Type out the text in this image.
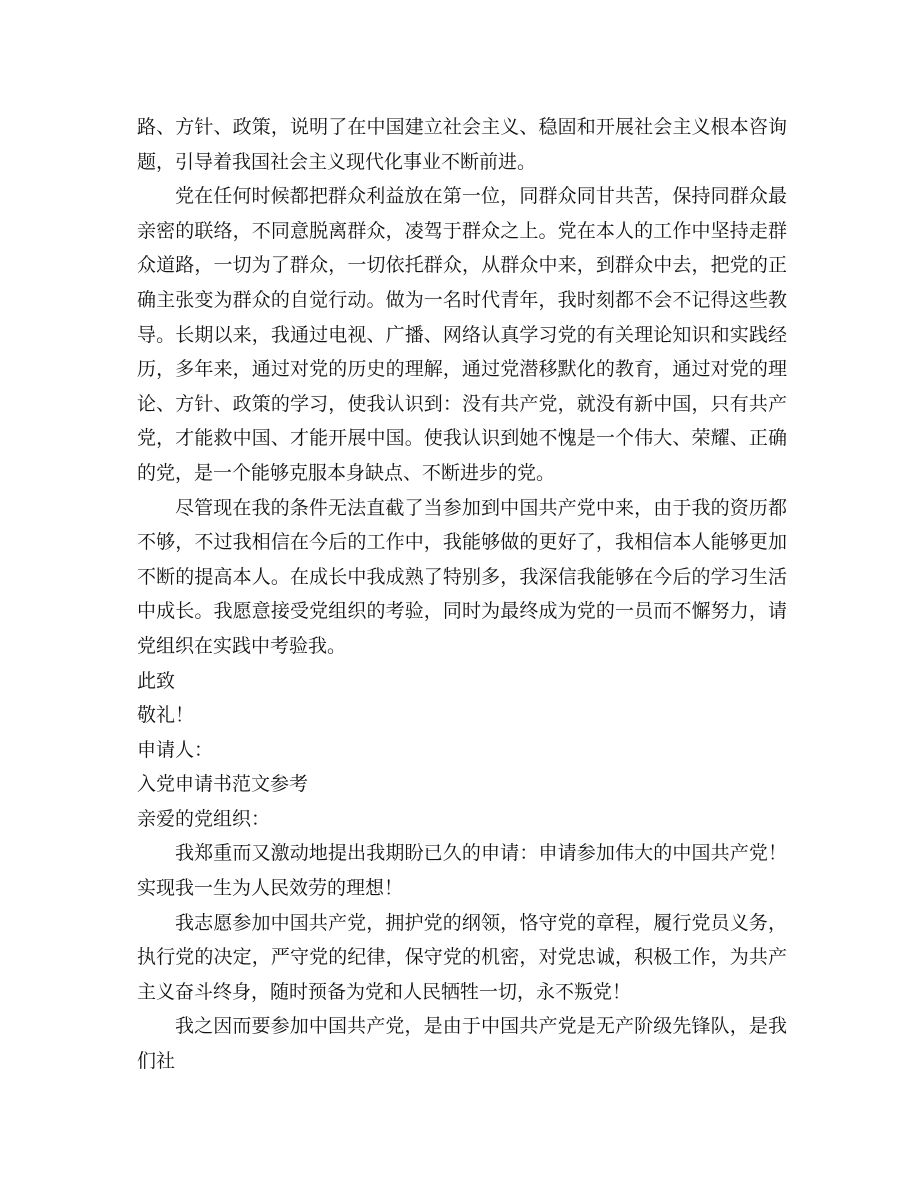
路、方针、政策，说明了在中国建立社会主义、稳固和开展社会主义根本咨询题，引导着我国社会主义现代化事业不断前进。

党在任何时候都把群众利益放在第一位，同群众同甘共苦，保持同群众最亲密的联络，不同意脱离群众，凌驾于群众之上。党在本人的工作中坚持走群众道路，一切为了群众，一切依托群众，从群众中来，到群众中去，把党的正确主张变为群众的自觉行动。做为一名时代青年，我时刻都不会不记得这些教导。长期以来，我通过电视、广播、网络认真学习党的有关理论知识和实践经历，多年来，通过对党的历史的理解，通过党潜移默化的教育，通过对党的理论、方针、政策的学习，使我认识到：没有共产党，就没有新中国，只有共产党，才能救中国、才能开展中国。使我认识到她不愧是一个伟大、荣耀、正确的党，是一个能够克服本身缺点、不断进步的党。

尽管现在我的条件无法直截了当参加到中国共产党中来，由于我的资历都不够，不过我相信在今后的工作中，我能够做的更好了，我相信本人能够更加不断的提高本人。在成长中我成熟了特别多，我深信我能够在今后的学习生活中成长。我愿意接受党组织的考验，同时为最终成为党的一员而不懈努力，请党组织在实践中考验我。

此致

敬礼！

申请人：

入党申请书范文参考

亲爱的党组织：

我郑重而又激动地提出我期盼已久的申请：申请参加伟大的中国共产党！实现我一生为人民效劳的理想！

我志愿参加中国共产党，拥护党的纲领，恪守党的章程，履行党员义务，执行党的决定，严守党的纪律，保守党的机密，对党忠诚，积极工作，为共产主义奋斗终身，随时预备为党和人民牺牲一切，永不叛党！

我之因而要参加中国共产党，是由于中国共产党是无产阶级先锋队，是我们社
